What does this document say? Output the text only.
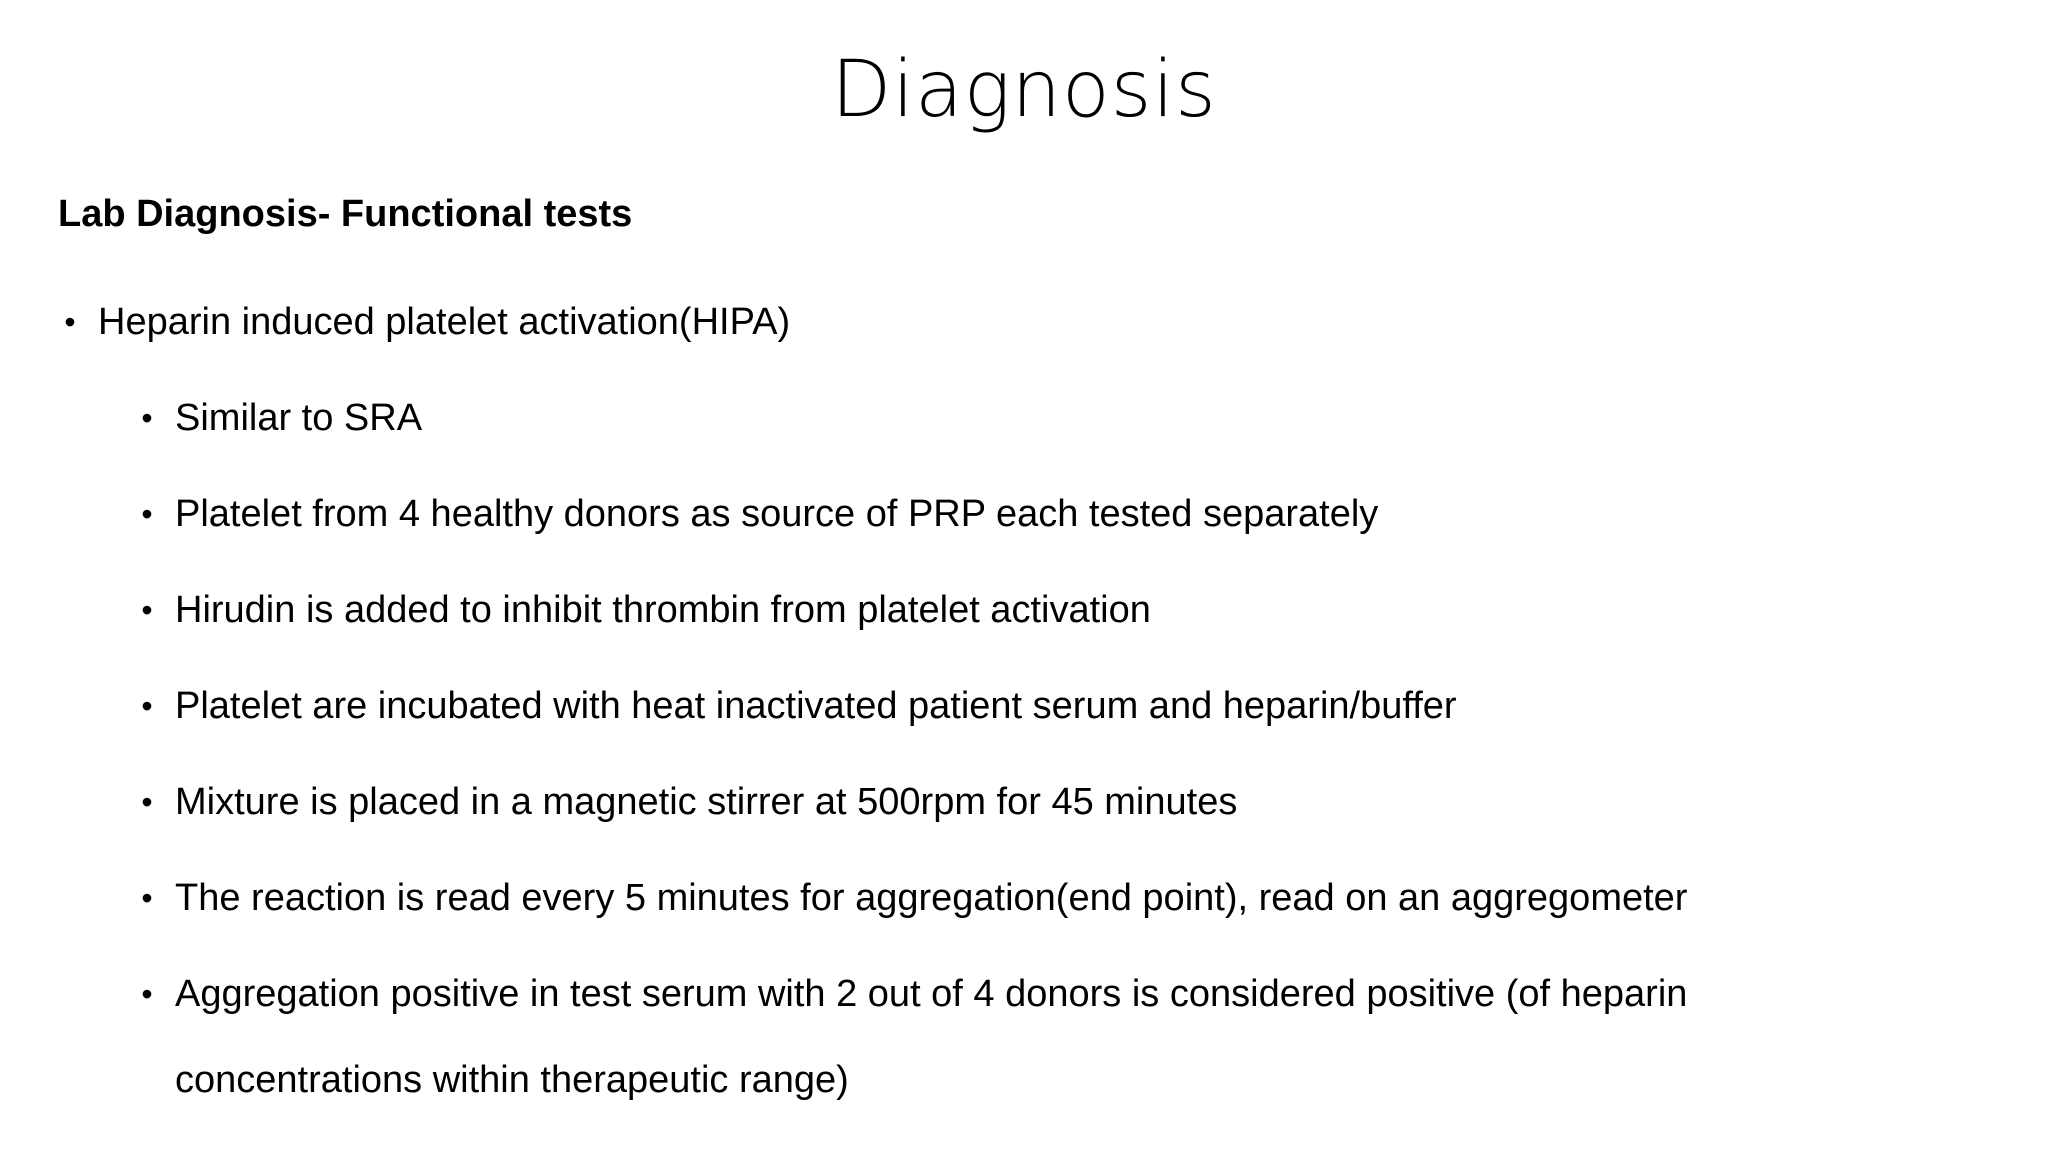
Diagnosis
Lab Diagnosis- Functional tests
• Heparin induced platelet activation(HIPA)
• Similar to SRA
• Platelet from 4 healthy donors as source of PRP each tested separately
• Hirudin is added to inhibit thrombin from platelet activation
• Platelet are incubated with heat inactivated patient serum and heparin/buffer
• Mixture is placed in a magnetic stirrer at 500rpm for 45 minutes
• The reaction is read every 5 minutes for aggregation(end point), read on an aggregometer
• Aggregation positive in test serum with 2 out of 4 donors is considered positive (of heparin
concentrations within therapeutic range)
